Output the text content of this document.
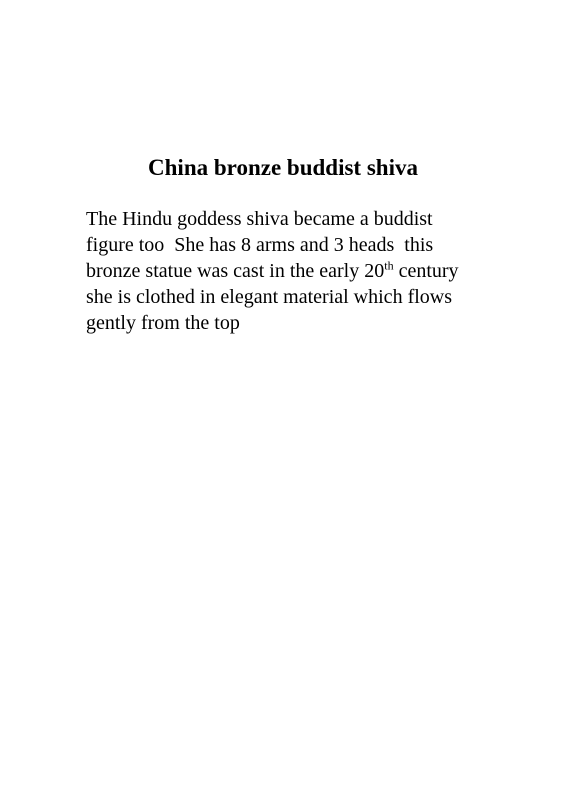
China bronze buddist shiva
The Hindu goddess shiva became a buddist
figure too  She has 8 arms and 3 heads  this
bronze statue was cast in the early 20th century
she is clothed in elegant material which flows
gently from the top
